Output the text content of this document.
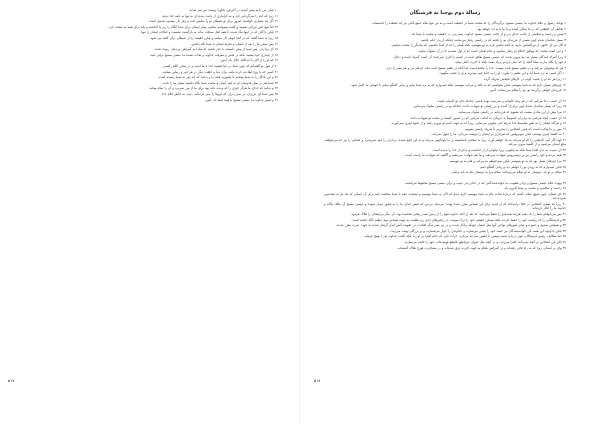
۱۰ لیکن من تا به پیش آمده، در آخرش، تحاورا زیست من سر شدند.

۱۱ زیرا که آدم را سرگردانی کرد و به گرانباری از باعث دیدم ای نه تنها به نامه خدا دیدم.

۱۲ اگر چه بسیاری خواستند امروز برای تو شیطان تو را نمایش کنند و زهر کار مسدود تحمیل است.

۱۳ اما هیچ کس ایرادی نمیبیند و گفت نمیتوانیم بمانیم، میان ایشان برای شما آنگاه را زیر پا گذاشته و باید برای همه به سخت کرد.

۱۴ لیکن با آنان که در اینها ننگ شدند تا همه اهل مملکت بداند به بازگشت نشست و خیالات ایشان را تنها.

۱۵ زیرا به شما گفته، که در آنجا جوهر کار میکنند و لیکن حقیقت را از شیطان برای گفته می شود.

۱۶ پس سخن ما را بعد از ایشان و تجربهٔ ایشان با شما نگه داشتن.

۱۷ ای برادران، پس شما از پیش دانسته، با حذر باشید که مبادا به گمراهی بی‌دینان ربوده شده.

۱۸ از پایداری خود بیفتید، بلکه در فیض و معرفت خداوند و نجات دهندهٔ ما عیسی مسیح ترقی کنید.

۱۹ که او را از الان تا ابدالآباد جلال باد. آمین.

۲۰ از قول تو گفته‌ایم که چون شما در دنیا هستید خدا با ما است و در سخن کلام راستی.

۲۱ کسی که با روح اطاعت کرده باشد برای دنیا و خلقت دیگر در هر چیز و زیبایی میکنند.

۲۲ و این یادگار را به شما نوشتم تا بیاموزید همه را و بدانید که چه چیز به شما رسیده است.

۲۳ شما هم در میان قدوسان او به امید ایمان و محبت شما نگاه داشتید بسیار ما را ثابت.

۲۴ و بدانید که خدای ما هرگز چیزی را که وعده داده بود برای ما از بین نمی‌برد و آن را تمام میکند.

۲۵ پس شما ای عزیزان، در صبر پدران که این‌ها را صبر کرده‌اید، دیدید به خاطر کلام خدا.

۲۶ و فیض خداوند ما عیسی مسیح با همهٔ شما باد. آمین.

رسالهٔ دوم یوحنا به فرشتگان

۱ یوحنا، رسول و غلام خداوند ما عیسی مسیح، برگزیدگان را که محبت شما در حقیقت است و نه من تنها بلکه جمیع آنانی نیز که حقیقت را دانسته‌اند.

۲ بخاطر آن حقیقتی که در ما ساکن است و با ما تا به ابد خواهد بود.

۳ فیض و رحمت و سلامتی از جانب خدای پدر و از جانب عیسی مسیح خداوند، پسر پدر، در حقیقت و محبت با شما باد.

۴ بسیار شادمان شدم چون بعضی از فرزندان تو را یافتم که در راستی رفتار می‌نمایند چنانکه از پدر حکم یافتیم.

۵ الآن نیز ای خاتون از تو التماس دارم، نه آنکه حکمی تازه به تو بنویسم، بلکه همان را که از ابتدا داشتیم، که یکدیگر را محبت بنماییم.

۶ و این است محبت که موافق احکام او رفتار بنماییم، و حکم همان است که از اول شنیدید تا در آن سلوک نمایید.

۷ زیرا گمراه کنندگان بسیار به دنیا بیرون شدند که عیسی مسیح ظاهر شده در جسم را اقرار نمی‌کنند؛ آن است گمراه کننده و دجال.

۸ خود را نگاه بدارید مبادا آنچه را که عمل کردیم برباد دهید، بلکه تا اجرت کامل بیابید.

۹ هر که پیشوایی می‌کند و در تعلیم مسیح ثابت نیست، خدا را نیافته است. اما آنکه در تعلیم مسیح ثابت ماند، او هم پدر و هم پسر را دارد.

۱۰ اگر کسی به نزد شما آید و این تعلیم را نیاورد، او را به خانهٔ خود مپذیرید و او را تحیت مگویید.

۱۱ زیرا هر که او را تحیت گوید، در کارهای قبیحش شریک گردد.

۱۲ چیزهای بسیار دارم که به شما بنویسم، لیکن نخواستم که به کاغذ و مرکب بنویسم، بلکه امیدوارم که به نزد شما بیایم و زبانی گفتگو نمایم تا خوشی ما کامل شود.

۱۳ فرزندان خواهر برگزیدهٔ تو، تو را سلام می‌رسانند. آمین.

۱۴ ای حبیب، دعا می‌کنم که در هر وجه کامیاب و تندرست بوده باشی، چنانکه جان تو کامیاب است.

۱۵ زیرا که بسیار شادمان شدم چون برادران آمدند و بر راستی تو شهادت دادند، چنانکه تو در راستی سلوک می‌نمایی.

۱۶ مرا بیش از این شادی نیست که بشنوم که فرزندانم در راستی سلوک می‌نمایند.

۱۷ ای حبیب، آنچه می‌کنی به برادران خصوصاً به غریبان، به امانت می‌کنی که در حضور کلیسا بر محبت تو شهادت دادند.

۱۸ و هرگاه ایشان را به طور شایستهٔ خدا بدرقه کنی نیکویی می‌نمایی، زیرا که به جهت اسم او بیرون رفتند و از امتها چیزی نمی‌گیرند.

۱۹ پس بر ما واجب است که چنین اشخاص را بپذیریم تا شریک راستی بشویم.

۲۰ به کلیسا چیزی نوشتم، لیکن دیوتروفس که سرداری بر ایشان را دوست می‌دارد، ما را قبول نمی‌کند.

۲۱ لهذا اگر آیم، کارهایی را که او می‌کند به یاد خواهم آورد، زیرا به سخنان ناشایسته بر ما یاوه‌گویی می‌کند و به این قانع نشده، برادران را خود نمی‌پذیرد و کسانی را نیز که می‌خواهند، مانع ایشان می‌شود و از کلیسا بیرون می‌کند.

۲۲ ای حبیب، به بدی اقتدا منما بلکه به نیکویی، زیرا نیکوکردار از خداست و بدکردار خدا را ندیده است.

۲۳ همه مردم و خود راستی نیز بر دیمیتریوس شهادت می‌دهند و ما هم شهادت می‌دهیم و آگاهید که شهادت ما راست است.

۲۴ مرا چیزهای بسیار بود که به تو بنویسم، لیکن نمی‌خواهم به مرکب و قلم به تو بنویسم.

۲۵ لیکن امیدوارم که به زودی تو را خواهم دید و زبانی گفتگو کنیم.

۲۶ سلام بر تو باد. دوستان به تو سلام می‌رسانند. سلام مرا به دوستان نام به نام برسان.

۲۷ یهودا، غلام عیسی مسیح و برادر یعقوب، به خوانده‌شدگانی که در خدای پدر حبیب و برای عیسی مسیح محفوظ می‌باشند.

۲۸ رحمت و سلامتی و محبت بر شما افزون باد.

۲۹ ای حبیبان، چون شوق تمام داشتم که دربارهٔ نجات عام به شما بنویسم، لازم دیدم که الآن به شما بنویسم و نصیحت دهم تا شما مجاهده کنید برای آن ایمانی که یک بار به مقدسین سپرده شد.

۳۰ زیرا که بعضی اشخاص در خفا درآمده‌اند که از قدیم برای این قصاص مقرر شده بودند؛ مردمان بی‌دین که فیض خدای ما را به فجور تبدیل نموده و عیسی مسیح آن مالک یگانه و خداوند ما را انکار کرده‌اند.

۳۱ پس می‌خواهم شما را یاد دهم، هرچند همه‌چیز را دفعتاً می‌دانید، که بعد از آنکه خداوند قوم را از زمین مصر رهایی بخشیده بود، بار دیگر بی‌ایمانان را هلاک فرمود.

۳۲ و فرشتگانی را که ریاست خود را حفظ نکردند بلکه مسکن حقیقی خود را ترک نمودند، در زنجیرهای ابدی زیر ظلمت به جهت قصاص یوم عظیم نگاه داشته است.

۳۳ و همچنین سدوم و غموره و سایر شهرهای نواحی آنها مثل ایشان چونکه زناکار شدند و در پی بشر دیگر افتادند، در عقوبت آتش ابدی گرفتار شده، به جهت عبرت مقرر شدند.

۳۴ لیکن با وجود این همه، این خواب‌بینندگان نیز جسد خود را نجس می‌سازند و خداوندی را خوار می‌شمارند و بر بزرگان تهمت می‌زنند.

۳۵ اما میکائیل، رئیس فرشتگان، چون دربارهٔ جسد موسی با ابلیس منازعه می‌کرد، جرأت نکرد که حکم افترا بر او زند بلکه گفت: خداوند تو را توبیخ فرماید.

۳۶ لکن این اشخاص بر آنچه نمی‌دانند افترا می‌زنند، و در آنچه مثل حیوان غیرناطق بالطبع فهمیده‌اند، خود را فاسد می‌سازند.

۳۷ وای بر ایشان، زیرا که به راه قائن رفته‌اند و در گمراهی بلعام به جهت اجرت غرق شده‌اند و در مشاجرت قورح هلاک گشته‌اند.

۵۱۷	۵۱۸
